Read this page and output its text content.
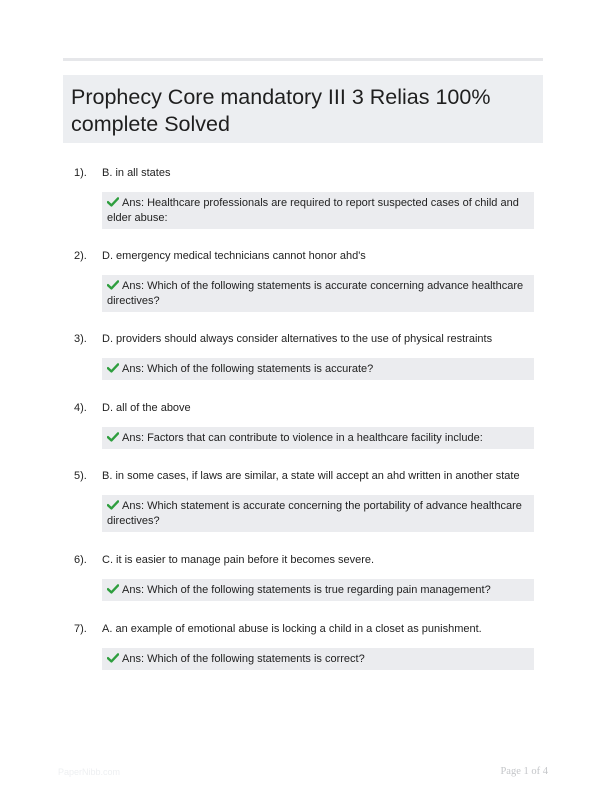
Prophecy Core mandatory III 3 Relias 100% complete Solved
1). B. in all states
Ans: Healthcare professionals are required to report suspected cases of child and elder abuse:
2). D. emergency medical technicians cannot honor ahd's
Ans: Which of the following statements is accurate concerning advance healthcare directives?
3). D. providers should always consider alternatives to the use of physical restraints
Ans: Which of the following statements is accurate?
4). D. all of the above
Ans: Factors that can contribute to violence in a healthcare facility include:
5). B. in some cases, if laws are similar, a state will accept an ahd written in another state
Ans: Which statement is accurate concerning the portability of advance healthcare directives?
6). C. it is easier to manage pain before it becomes severe.
Ans: Which of the following statements is true regarding pain management?
7). A. an example of emotional abuse is locking a child in a closet as punishment.
Ans: Which of the following statements is correct?
PaperNibb.com	Page 1 of 4
